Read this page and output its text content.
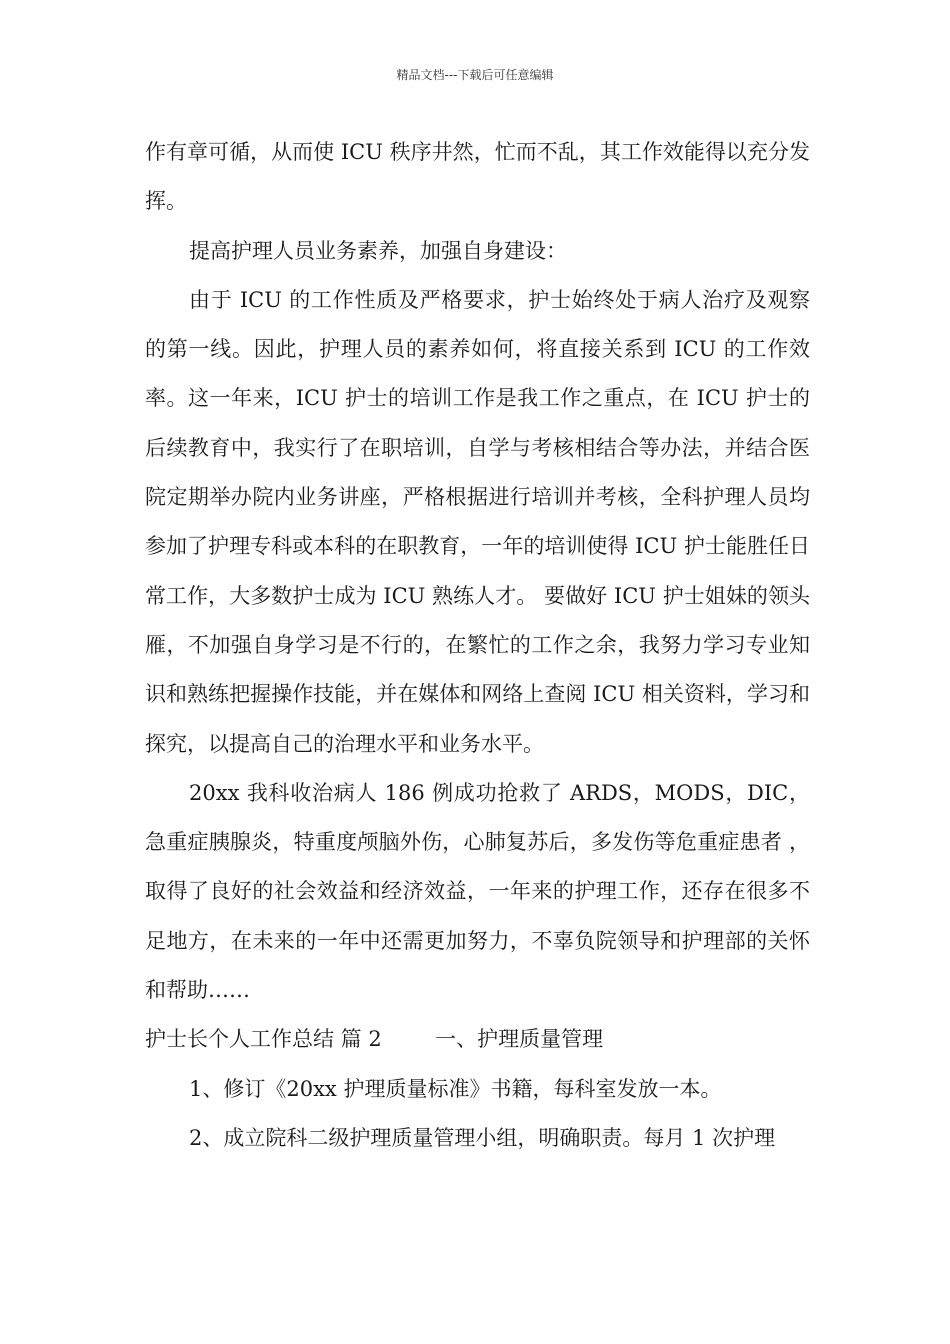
精品文档---下载后可任意编辑

作有章可循，从而使 ICU 秩序井然，忙而不乱，其工作效能得以充分发挥。

提高护理人员业务素养，加强自身建设：

由于 ICU 的工作性质及严格要求，护士始终处于病人治疗及观察的第一线。因此，护理人员的素养如何，将直接关系到 ICU 的工作效率。这一年来，ICU 护士的培训工作是我工作之重点，在 ICU 护士的后续教育中，我实行了在职培训，自学与考核相结合等办法，并结合医院定期举办院内业务讲座，严格根据进行培训并考核，全科护理人员均参加了护理专科或本科的在职教育，一年的培训使得 ICU 护士能胜任日常工作，大多数护士成为 ICU 熟练人才。 要做好 ICU 护士姐妹的领头雁，不加强自身学习是不行的，在繁忙的工作之余，我努力学习专业知识和熟练把握操作技能，并在媒体和网络上查阅 ICU 相关资料，学习和探究，以提高自己的治理水平和业务水平。

20xx 我科收治病人 186 例成功抢救了 ARDS，MODS，DIC，急重症胰腺炎，特重度颅脑外伤，心肺复苏后，多发伤等危重症患者 ，取得了良好的社会效益和经济效益，一年来的护理工作，还存在很多不足地方，在未来的一年中还需更加努力，不辜负院领导和护理部的关怀和帮助……

护士长个人工作总结 篇 2	一、护理质量管理

1、修订《20xx 护理质量标准》书籍，每科室发放一本。

2、成立院科二级护理质量管理小组，明确职责。每月 1 次护理
